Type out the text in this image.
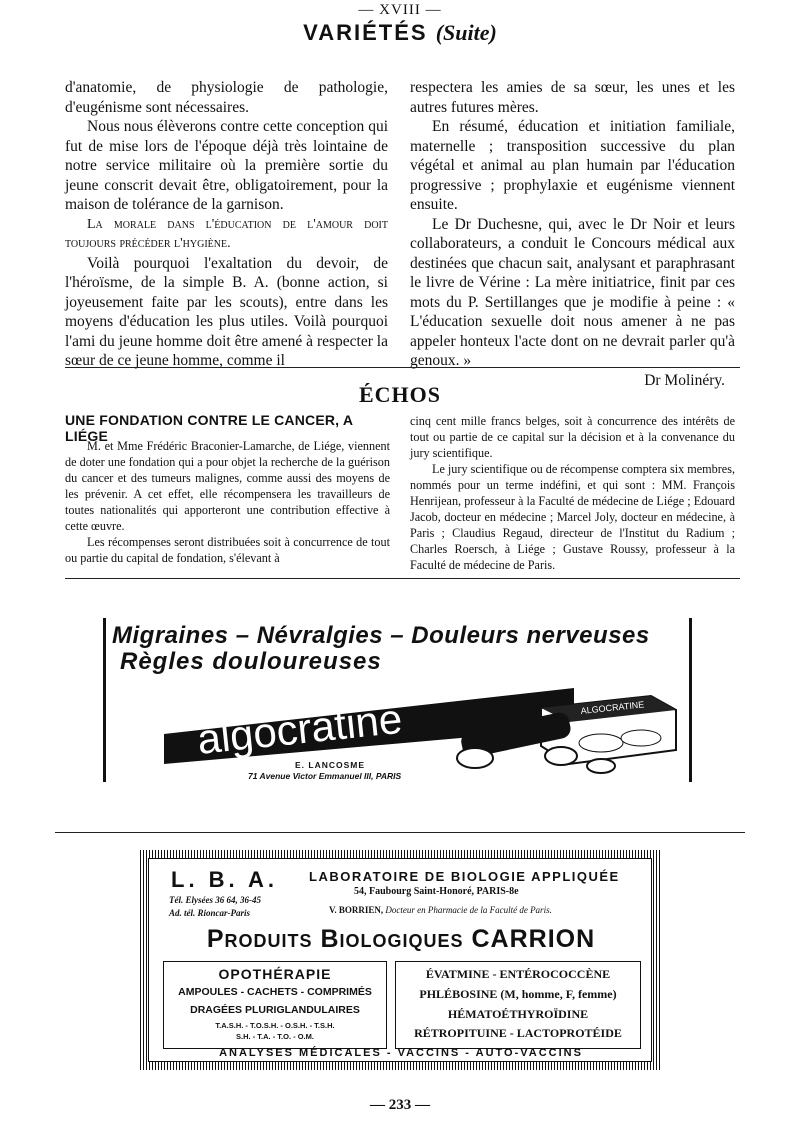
— XVIII —
VARIÉTÉS (Suite)

d'anatomie, de physiologie de pathologie, d'eugénisme sont nécessaires.

Nous nous élèverons contre cette conception qui fut de mise lors de l'époque déjà très lointaine de notre service militaire où la première sortie du jeune conscrit devait être, obligatoirement, pour la maison de tolérance de la garnison.

La morale dans l'éducation de l'amour doit toujours précéder l'hygiène.

Voilà pourquoi l'exaltation du devoir, de l'héroïsme, de la simple B. A. (bonne action, si joyeusement faite par les scouts), entre dans les moyens d'éducation les plus utiles. Voilà pourquoi l'ami du jeune homme doit être amené à respecter la sœur de ce jeune homme, comme il

respectera les amies de sa sœur, les unes et les autres futures mères.

En résumé, éducation et initiation familiale, maternelle ; transposition successive du plan végétal et animal au plan humain par l'éducation progressive ; prophylaxie et eugénisme viennent ensuite.

Le Dr Duchesne, qui, avec le Dr Noir et leurs collaborateurs, a conduit le Concours médical aux destinées que chacun sait, analysant et paraphrasant le livre de Vérine : La mère initiatrice, finit par ces mots du P. Sertillanges que je modifie à peine : « L'éducation sexuelle doit nous amener à ne pas appeler honteux l'acte dont on ne devrait parler qu'à genoux. »

Dr Molinéry.

ÉCHOS
UNE FONDATION CONTRE LE CANCER, A LIÉGE

M. et Mme Frédéric Braconier-Lamarche, de Liége, viennent de doter une fondation qui a pour objet la recherche de la guérison du cancer et des tumeurs malignes, comme aussi des moyens de les prévenir. A cet effet, elle récompensera les travailleurs de toutes nationalités qui apporteront une contribution effective à cette œuvre.

Les récompenses seront distribuées soit à concurrence de tout ou partie du capital de fondation, s'élevant à

cinq cent mille francs belges, soit à concurrence des intérêts de tout ou partie de ce capital sur la décision et à la convenance du jury scientifique.

Le jury scientifique ou de récompense comptera six membres, nommés pour un terme indéfini, et qui sont : MM. François Henrijean, professeur à la Faculté de médecine de Liége ; Edouard Jacob, docteur en médecine ; Marcel Joly, docteur en médecine, à Paris ; Claudius Regaud, directeur de l'Institut du Radium ; Charles Roersch, à Liége ; Gustave Roussy, professeur à la Faculté de médecine de Paris.

Migraines – Névralgies – Douleurs nerveuses
Règles douloureuses
algocratine	ALGOCRATINE
E. LANCOSME
71 Avenue Victor Emmanuel III, PARIS
L. B. A.
Tél. Elysées 36 64, 36-45
Ad. tél. Rioncar-Paris
LABORATOIRE DE BIOLOGIE APPLIQUÉE
54, Faubourg Saint-Honoré, PARIS-8e
V. BORRIEN, Docteur en Pharmacie de la Faculté de Paris.
Produits Biologiques CARRION
OPOTHÉRAPIE
AMPOULES - CACHETS - COMPRIMÉS
DRAGÉES PLURIGLANDULAIRES
T.A.S.H. - T.O.S.H. - O.S.H. - T.S.H.
S.H. - T.A. - T.O. - O.M.
ÉVATMINE - ENTÉROCOCCÈNE
PHLÉBOSINE (M, homme, F, femme)
HÉMATOÉTHYROÏDINE
RÉTROPITUINE - LACTOPROTÉIDE
ANALYSES MÉDICALES - VACCINS - AUTO-VACCINS
— 233 —
